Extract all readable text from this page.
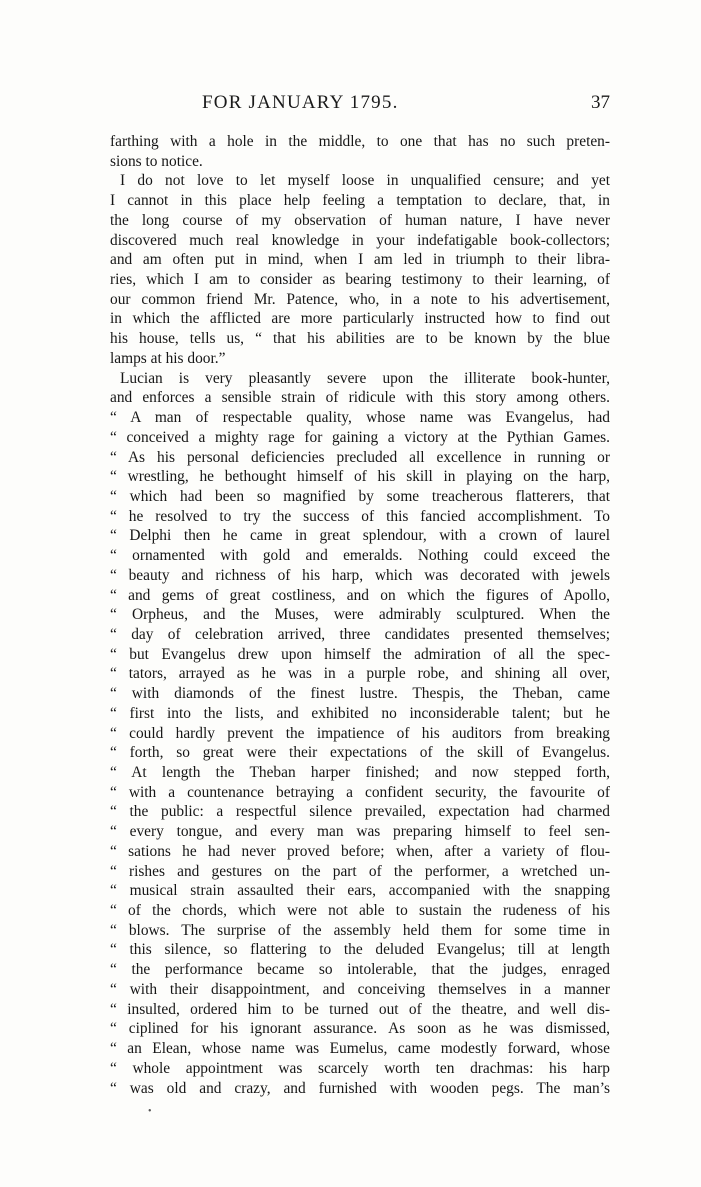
FOR JANUARY 1795.	37
farthing with a hole in the middle, to one that has no such preten-
sions to notice.
I do not love to let myself loose in unqualified censure; and yet
I cannot in this place help feeling a temptation to declare, that, in
the long course of my observation of human nature, I have never
discovered much real knowledge in your indefatigable book-collectors;
and am often put in mind, when I am led in triumph to their libra-
ries, which I am to consider as bearing testimony to their learning, of
our common friend Mr. Patence, who, in a note to his advertisement,
in which the afflicted are more particularly instructed how to find out
his house, tells us, “ that his abilities are to be known by the blue
lamps at his door.”
Lucian is very pleasantly severe upon the illiterate book-hunter,
and enforces a sensible strain of ridicule with this story among others.
“ A man of respectable quality, whose name was Evangelus, had
“ conceived a mighty rage for gaining a victory at the Pythian Games.
“ As his personal deficiencies precluded all excellence in running or
“ wrestling, he bethought himself of his skill in playing on the harp,
“ which had been so magnified by some treacherous flatterers, that
“ he resolved to try the success of this fancied accomplishment. To
“ Delphi then he came in great splendour, with a crown of laurel
“ ornamented with gold and emeralds. Nothing could exceed the
“ beauty and richness of his harp, which was decorated with jewels
“ and gems of great costliness, and on which the figures of Apollo,
“ Orpheus, and the Muses, were admirably sculptured. When the
“ day of celebration arrived, three candidates presented themselves;
“ but Evangelus drew upon himself the admiration of all the spec-
“ tators, arrayed as he was in a purple robe, and shining all over,
“ with diamonds of the finest lustre. Thespis, the Theban, came
“ first into the lists, and exhibited no inconsiderable talent; but he
“ could hardly prevent the impatience of his auditors from breaking
“ forth, so great were their expectations of the skill of Evangelus.
“ At length the Theban harper finished; and now stepped forth,
“ with a countenance betraying a confident security, the favourite of
“ the public: a respectful silence prevailed, expectation had charmed
“ every tongue, and every man was preparing himself to feel sen-
“ sations he had never proved before; when, after a variety of flou-
“ rishes and gestures on the part of the performer, a wretched un-
“ musical strain assaulted their ears, accompanied with the snapping
“ of the chords, which were not able to sustain the rudeness of his
“ blows. The surprise of the assembly held them for some time in
“ this silence, so flattering to the deluded Evangelus; till at length
“ the performance became so intolerable, that the judges, enraged
“ with their disappointment, and conceiving themselves in a manner
“ insulted, ordered him to be turned out of the theatre, and well dis-
“ ciplined for his ignorant assurance. As soon as he was dismissed,
“ an Elean, whose name was Eumelus, came modestly forward, whose
“ whole appointment was scarcely worth ten drachmas: his harp
“ was old and crazy, and furnished with wooden pegs. The man’s
•
